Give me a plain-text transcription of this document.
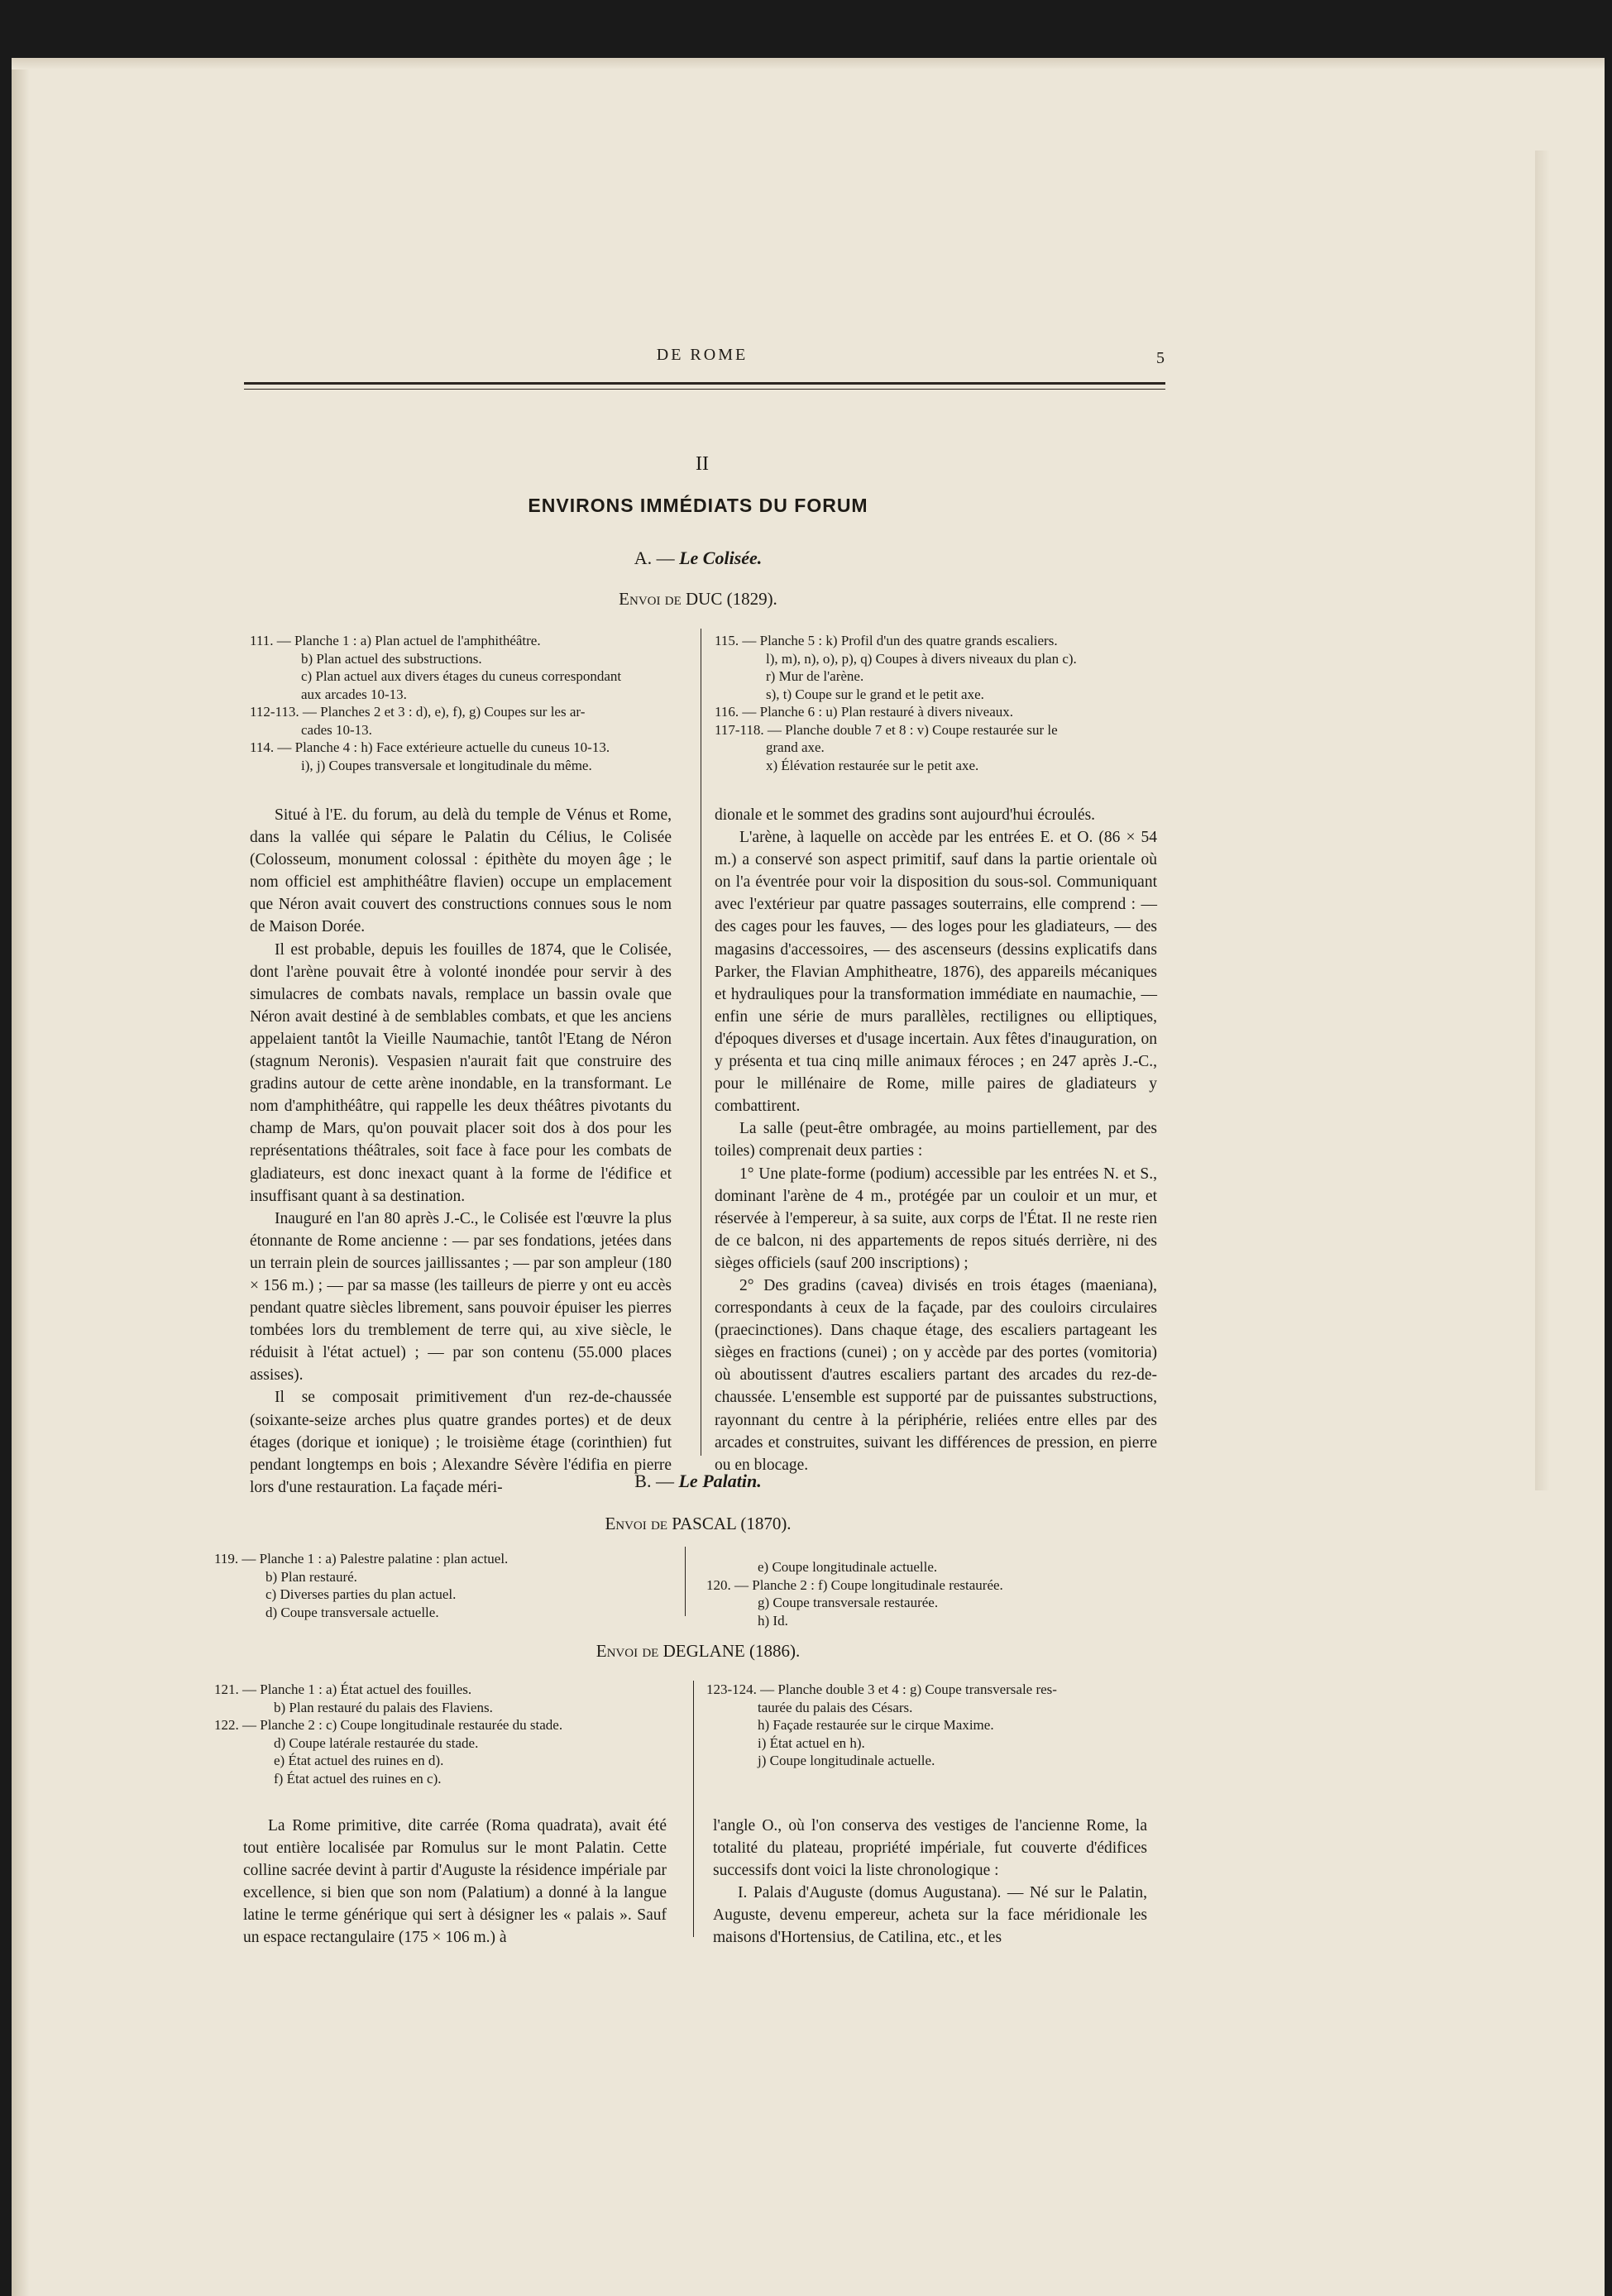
DE ROME	5
II
ENVIRONS IMMÉDIATS DU FORUM
A. — Le Colisée.
Envoi de DUC (1829).
111. — Planche 1 : a) Plan actuel de l'amphithéâtre.
b) Plan actuel des substructions.
c) Plan actuel aux divers étages du cuneus correspondant
aux arcades 10-13.
112-113. — Planches 2 et 3 : d), e), f), g) Coupes sur les ar-
cades 10-13.
114. — Planche 4 : h) Face extérieure actuelle du cuneus 10-13.
i), j) Coupes transversale et longitudinale du même.
115. — Planche 5 : k) Profil d'un des quatre grands escaliers.
l), m), n), o), p), q) Coupes à divers niveaux du plan c).
r) Mur de l'arène.
s), t) Coupe sur le grand et le petit axe.
116. — Planche 6 : u) Plan restauré à divers niveaux.
117-118. — Planche double 7 et 8 : v) Coupe restaurée sur le
grand axe.
x) Élévation restaurée sur le petit axe.

Situé à l'E. du forum, au delà du temple de Vénus et Rome, dans la vallée qui sépare le Palatin du Célius, le Colisée (Colosseum, monument colossal : épithète du moyen âge ; le nom officiel est amphithéâtre flavien) occupe un emplacement que Néron avait couvert des constructions connues sous le nom de Maison Dorée.

Il est probable, depuis les fouilles de 1874, que le Colisée, dont l'arène pouvait être à volonté inondée pour servir à des simulacres de combats navals, remplace un bassin ovale que Néron avait destiné à de semblables combats, et que les anciens appelaient tantôt la Vieille Naumachie, tantôt l'Etang de Néron (stagnum Neronis). Vespasien n'aurait fait que construire des gradins autour de cette arène inondable, en la transformant. Le nom d'amphithéâtre, qui rappelle les deux théâtres pivotants du champ de Mars, qu'on pouvait placer soit dos à dos pour les représentations théâtrales, soit face à face pour les combats de gladiateurs, est donc inexact quant à la forme de l'édifice et insuffisant quant à sa destination.

Inauguré en l'an 80 après J.-C., le Colisée est l'œuvre la plus étonnante de Rome ancienne : — par ses fondations, jetées dans un terrain plein de sources jaillissantes ; — par son ampleur (180 × 156 m.) ; — par sa masse (les tailleurs de pierre y ont eu accès pendant quatre siècles librement, sans pouvoir épuiser les pierres tombées lors du tremblement de terre qui, au xive siècle, le réduisit à l'état actuel) ; — par son contenu (55.000 places assises).

Il se composait primitivement d'un rez-de-chaussée (soixante-seize arches plus quatre grandes portes) et de deux étages (dorique et ionique) ; le troisième étage (corinthien) fut pendant longtemps en bois ; Alexandre Sévère l'édifia en pierre lors d'une restauration. La façade méri-

dionale et le sommet des gradins sont aujourd'hui écroulés.

L'arène, à laquelle on accède par les entrées E. et O. (86 × 54 m.) a conservé son aspect primitif, sauf dans la partie orientale où on l'a éventrée pour voir la disposition du sous-sol. Communiquant avec l'extérieur par quatre passages souterrains, elle comprend : — des cages pour les fauves, — des loges pour les gladiateurs, — des magasins d'accessoires, — des ascenseurs (dessins explicatifs dans Parker, the Flavian Amphitheatre, 1876), des appareils mécaniques et hydrauliques pour la transformation immédiate en naumachie, — enfin une série de murs parallèles, rectilignes ou elliptiques, d'époques diverses et d'usage incertain. Aux fêtes d'inauguration, on y présenta et tua cinq mille animaux féroces ; en 247 après J.-C., pour le millénaire de Rome, mille paires de gladiateurs y combattirent.

La salle (peut-être ombragée, au moins partiellement, par des toiles) comprenait deux parties :

1° Une plate-forme (podium) accessible par les entrées N. et S., dominant l'arène de 4 m., protégée par un couloir et un mur, et réservée à l'empereur, à sa suite, aux corps de l'État. Il ne reste rien de ce balcon, ni des appartements de repos situés derrière, ni des sièges officiels (sauf 200 inscriptions) ;

2° Des gradins (cavea) divisés en trois étages (maeniana), correspondants à ceux de la façade, par des couloirs circulaires (praecinctiones). Dans chaque étage, des escaliers partageant les sièges en fractions (cunei) ; on y accède par des portes (vomitoria) où aboutissent d'autres escaliers partant des arcades du rez-de-chaussée. L'ensemble est supporté par de puissantes substructions, rayonnant du centre à la périphérie, reliées entre elles par des arcades et construites, suivant les différences de pression, en pierre ou en blocage.

B. — Le Palatin.
Envoi de PASCAL (1870).
119. — Planche 1 : a) Palestre palatine : plan actuel.
b) Plan restauré.
c) Diverses parties du plan actuel.
d) Coupe transversale actuelle.
e) Coupe longitudinale actuelle.
120. — Planche 2 : f) Coupe longitudinale restaurée.
g) Coupe transversale restaurée.
h) Id.
Envoi de DEGLANE (1886).
121. — Planche 1 : a) État actuel des fouilles.
b) Plan restauré du palais des Flaviens.
122. — Planche 2 : c) Coupe longitudinale restaurée du stade.
d) Coupe latérale restaurée du stade.
e) État actuel des ruines en d).
f) État actuel des ruines en c).
123-124. — Planche double 3 et 4 : g) Coupe transversale res-
taurée du palais des Césars.
h) Façade restaurée sur le cirque Maxime.
i) État actuel en h).
j) Coupe longitudinale actuelle.

La Rome primitive, dite carrée (Roma quadrata), avait été tout entière localisée par Romulus sur le mont Palatin. Cette colline sacrée devint à partir d'Auguste la résidence impériale par excellence, si bien que son nom (Palatium) a donné à la langue latine le terme générique qui sert à désigner les « palais ». Sauf un espace rectangulaire (175 × 106 m.) à

l'angle O., où l'on conserva des vestiges de l'ancienne Rome, la totalité du plateau, propriété impériale, fut couverte d'édifices successifs dont voici la liste chronologique :

I. Palais d'Auguste (domus Augustana). — Né sur le Palatin, Auguste, devenu empereur, acheta sur la face méridionale les maisons d'Hortensius, de Catilina, etc., et les
